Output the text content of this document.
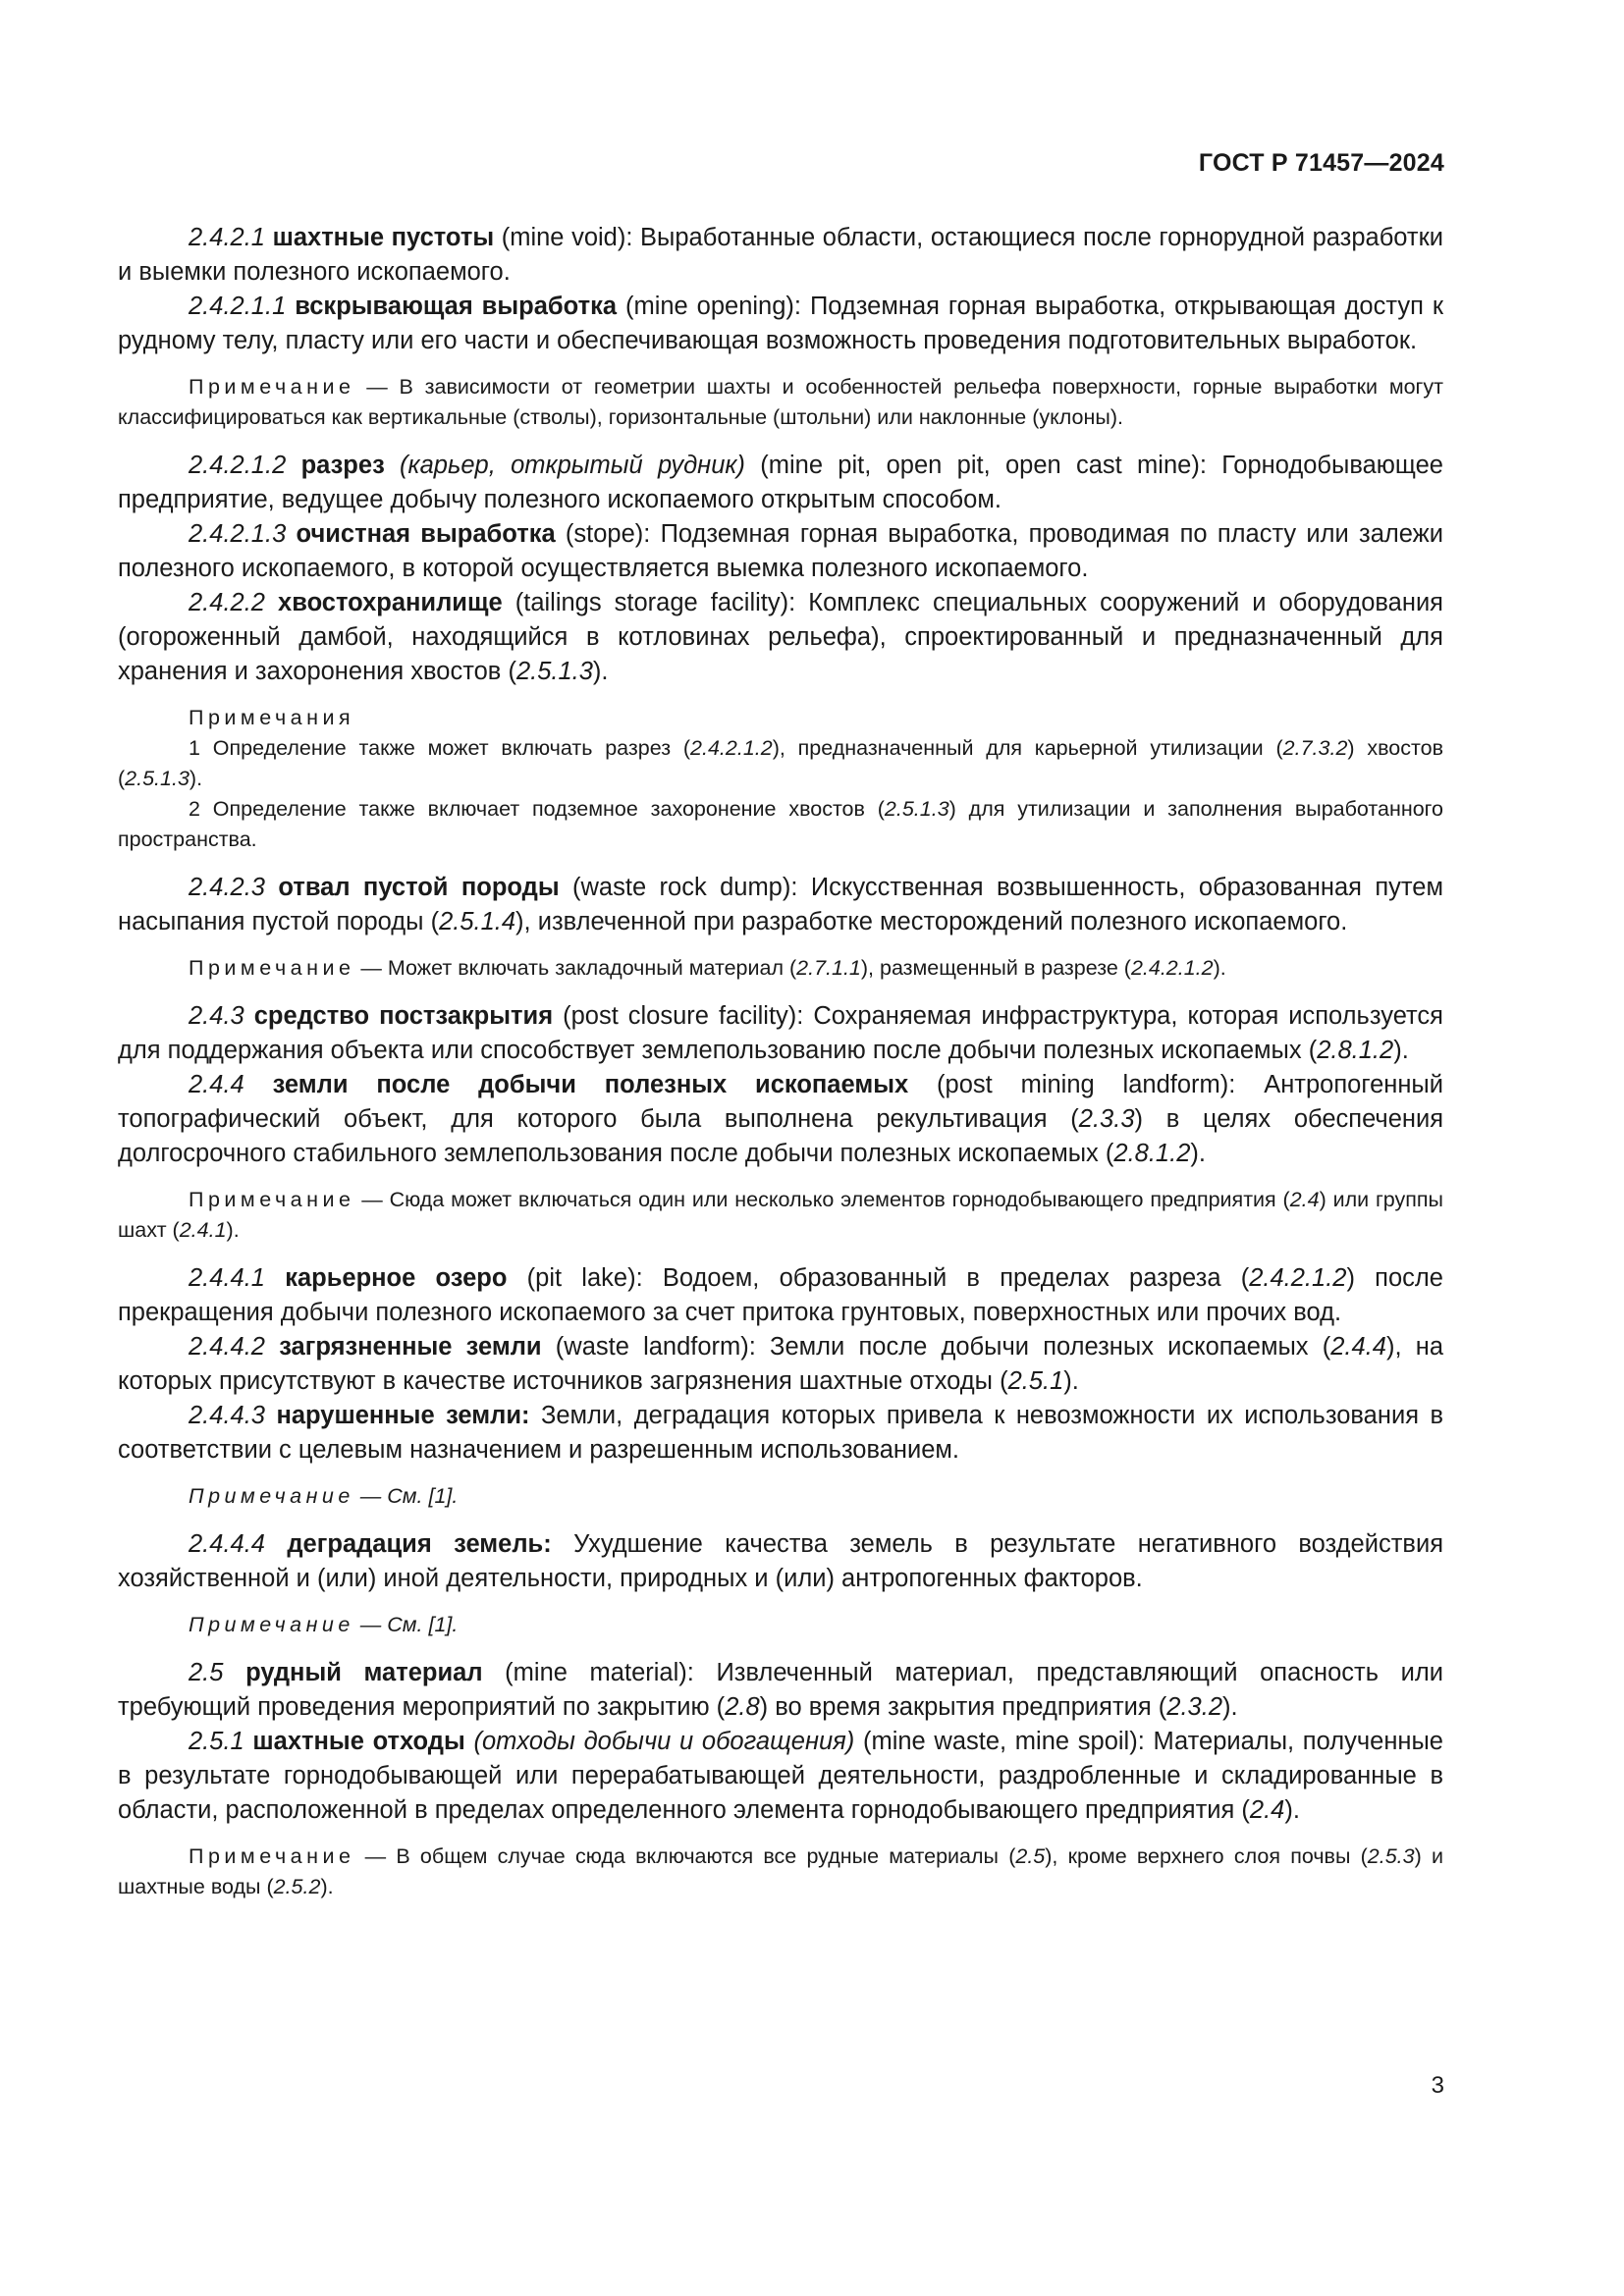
ГОСТ Р 71457—2024

2.4.2.1 шахтные пустоты (mine void): Выработанные области, остающиеся после горнорудной разработки и выемки полезного ископаемого.

2.4.2.1.1 вскрывающая выработка (mine opening): Подземная горная выработка, открывающая доступ к рудному телу, пласту или его части и обеспечивающая возможность проведения подготовительных выработок.

Примечание — В зависимости от геометрии шахты и особенностей рельефа поверхности, горные выработки могут классифицироваться как вертикальные (стволы), горизонтальные (штольни) или наклонные (уклоны).

2.4.2.1.2 разрез (карьер, открытый рудник) (mine pit, open pit, open cast mine): Горнодобывающее предприятие, ведущее добычу полезного ископаемого открытым способом.

2.4.2.1.3 очистная выработка (stope): Подземная горная выработка, проводимая по пласту или залежи полезного ископаемого, в которой осуществляется выемка полезного ископаемого.

2.4.2.2 хвостохранилище (tailings storage facility): Комплекс специальных сооружений и оборудования (огороженный дамбой, находящийся в котловинах рельефа), спроектированный и предназначенный для хранения и захоронения хвостов (2.5.1.3).

Примечания

1 Определение также может включать разрез (2.4.2.1.2), предназначенный для карьерной утилизации (2.7.3.2) хвостов (2.5.1.3).

2 Определение также включает подземное захоронение хвостов (2.5.1.3) для утилизации и заполнения выработанного пространства.

2.4.2.3 отвал пустой породы (waste rock dump): Искусственная возвышенность, образованная путем насыпания пустой породы (2.5.1.4), извлеченной при разработке месторождений полезного ископаемого.

Примечание — Может включать закладочный материал (2.7.1.1), размещенный в разрезе (2.4.2.1.2).

2.4.3 средство постзакрытия (post closure facility): Сохраняемая инфраструктура, которая используется для поддержания объекта или способствует землепользованию после добычи полезных ископаемых (2.8.1.2).

2.4.4 земли после добычи полезных ископаемых (post mining landform): Антропогенный топографический объект, для которого была выполнена рекультивация (2.3.3) в целях обеспечения долгосрочного стабильного землепользования после добычи полезных ископаемых (2.8.1.2).

Примечание — Сюда может включаться один или несколько элементов горнодобывающего предприятия (2.4) или группы шахт (2.4.1).

2.4.4.1 карьерное озеро (pit lake): Водоем, образованный в пределах разреза (2.4.2.1.2) после прекращения добычи полезного ископаемого за счет притока грунтовых, поверхностных или прочих вод.

2.4.4.2 загрязненные земли (waste landform): Земли после добычи полезных ископаемых (2.4.4), на которых присутствуют в качестве источников загрязнения шахтные отходы (2.5.1).

2.4.4.3 нарушенные земли: Земли, деградация которых привела к невозможности их использования в соответствии с целевым назначением и разрешенным использованием.

Примечание — См. [1].

2.4.4.4 деградация земель: Ухудшение качества земель в результате негативного воздействия хозяйственной и (или) иной деятельности, природных и (или) антропогенных факторов.

Примечание — См. [1].

2.5 рудный материал (mine material): Извлеченный материал, представляющий опасность или требующий проведения мероприятий по закрытию (2.8) во время закрытия предприятия (2.3.2).

2.5.1 шахтные отходы (отходы добычи и обогащения) (mine waste, mine spoil): Материалы, полученные в результате горнодобывающей или перерабатывающей деятельности, раздробленные и складированные в области, расположенной в пределах определенного элемента горнодобывающего предприятия (2.4).

Примечание — В общем случае сюда включаются все рудные материалы (2.5), кроме верхнего слоя почвы (2.5.3) и шахтные воды (2.5.2).

3
